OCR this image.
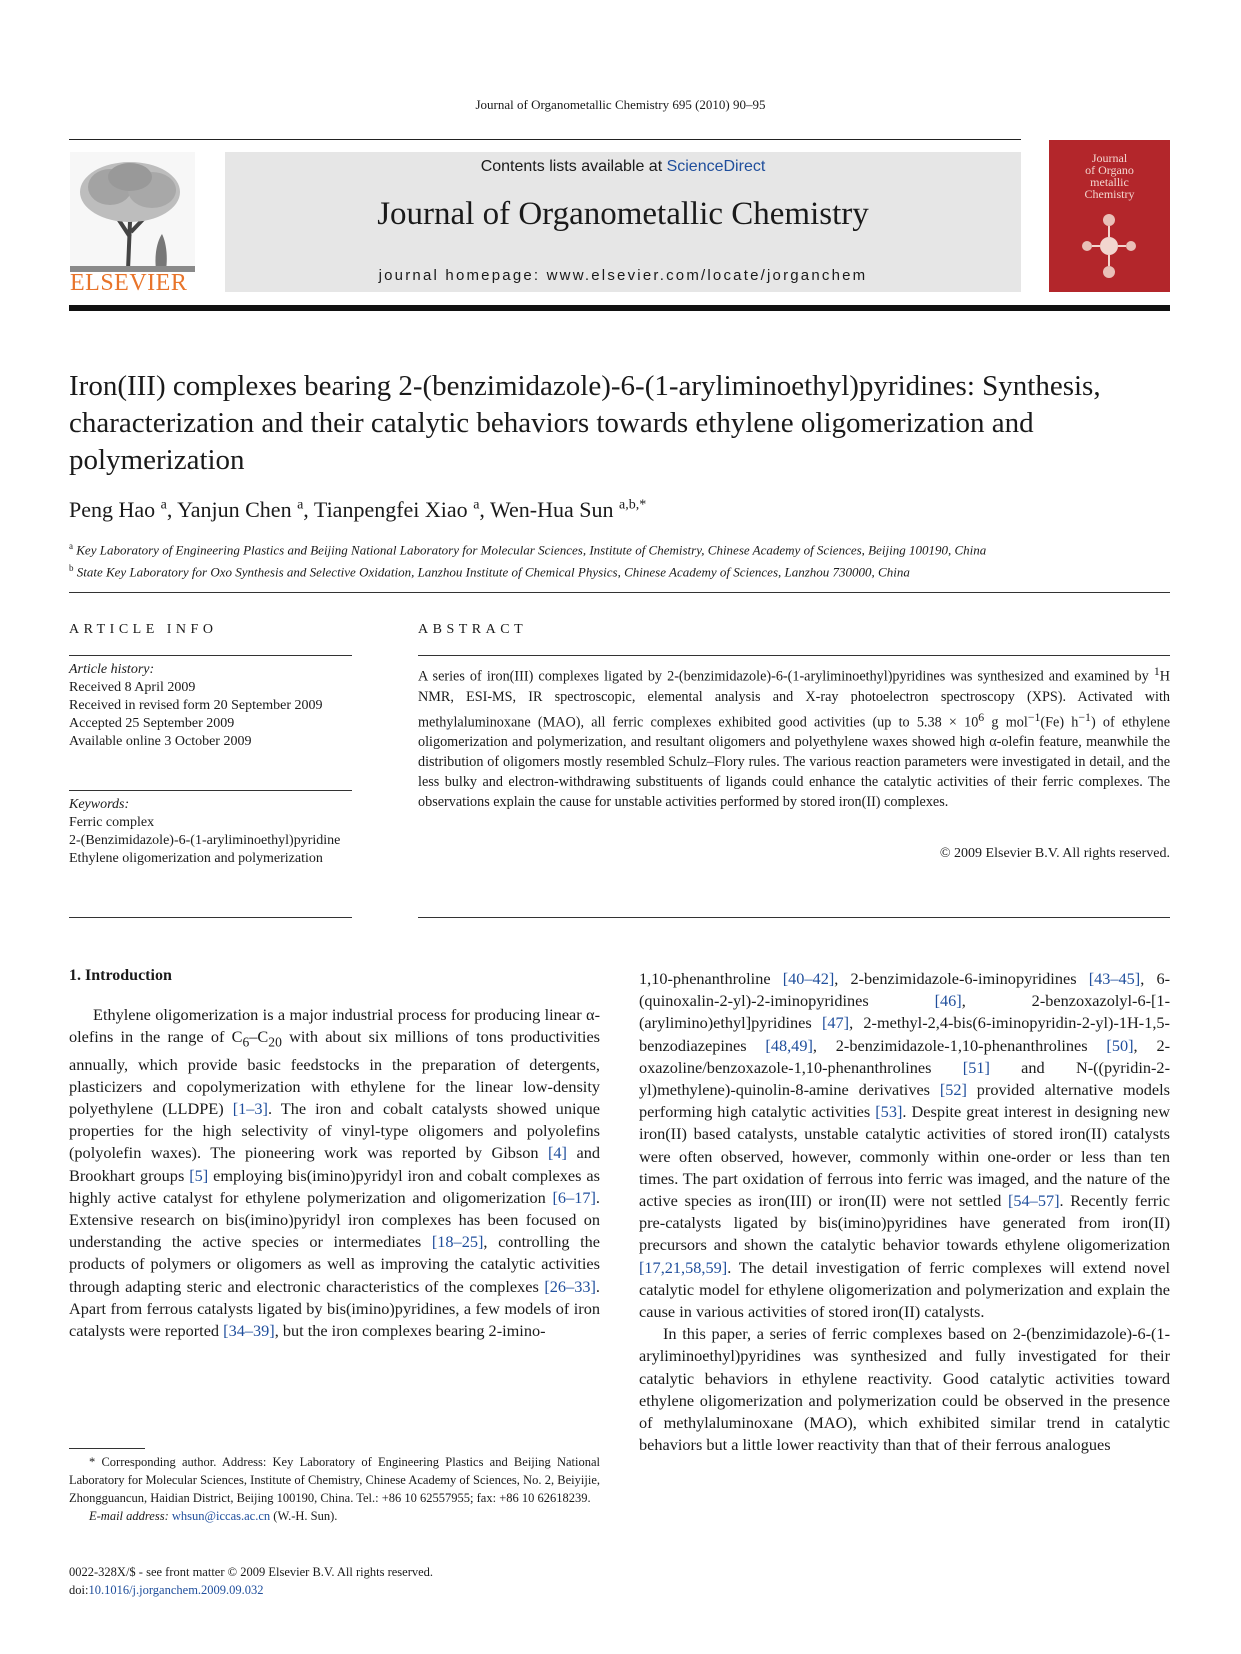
Journal of Organometallic Chemistry 695 (2010) 90–95
ELSEVIER
Contents lists available at ScienceDirect
Journal of Organometallic Chemistry
journal homepage: www.elsevier.com/locate/jorganchem
Journal
of Organo
metallic
Chemistry
Iron(III) complexes bearing 2-(benzimidazole)-6-(1-aryliminoethyl)pyridines: Synthesis, characterization and their catalytic behaviors towards ethylene oligomerization and polymerization
Peng Hao $^a$, Yanjun Chen $^a$, Tianpengfei Xiao $^a$, Wen-Hua Sun $^{a,b,*}$
$^a$ Key Laboratory of Engineering Plastics and Beijing National Laboratory for Molecular Sciences, Institute of Chemistry, Chinese Academy of Sciences, Beijing 100190, China
$^b$ State Key Laboratory for Oxo Synthesis and Selective Oxidation, Lanzhou Institute of Chemical Physics, Chinese Academy of Sciences, Lanzhou 730000, China
ARTICLE INFO	ABSTRACT
Article history:
Received 8 April 2009
Received in revised form 20 September 2009
Accepted 25 September 2009
Available online 3 October 2009
Keywords:
Ferric complex
2-(Benzimidazole)-6-(1-aryliminoethyl)pyridine
Ethylene oligomerization and polymerization
A series of iron(III) complexes ligated by 2-(benzimidazole)-6-(1-aryliminoethyl)pyridines was synthesized and examined by $^1$H NMR, ESI-MS, IR spectroscopic, elemental analysis and X-ray photoelectron spectroscopy (XPS). Activated with methylaluminoxane (MAO), all ferric complexes exhibited good activities (up to $5.38 \times 10^6$ g mol$^{-1}$(Fe) $h^{-1}$) of ethylene oligomerization and polymerization, and resultant oligomers and polyethylene waxes showed high α-olefin feature, meanwhile the distribution of oligomers mostly resembled Schulz–Flory rules. The various reaction parameters were investigated in detail, and the less bulky and electron-withdrawing substituents of ligands could enhance the catalytic activities of their ferric complexes. The observations explain the cause for unstable activities performed by stored iron(II) complexes.
© 2009 Elsevier B.V. All rights reserved.
1. Introduction

Ethylene oligomerization is a major industrial process for producing linear α-olefins in the range of $C_6-C_{20}$ with about six millions of tons productivities annually, which provide basic feedstocks in the preparation of detergents, plasticizers and copolymerization with ethylene for the linear low-density polyethylene (LLDPE) [1–3]. The iron and cobalt catalysts showed unique properties for the high selectivity of vinyl-type oligomers and polyolefins (polyolefin waxes). The pioneering work was reported by Gibson [4] and Brookhart groups [5] employing bis(imino)pyridyl iron and cobalt complexes as highly active catalyst for ethylene polymerization and oligomerization [6–17]. Extensive research on bis(imino)pyridyl iron complexes has been focused on understanding the active species or intermediates [18–25], controlling the products of polymers or oligomers as well as improving the catalytic activities through adapting steric and electronic characteristics of the complexes [26–33]. Apart from ferrous catalysts ligated by bis(imino)pyridines, a few models of iron catalysts were reported [34–39], but the iron complexes bearing 2-imino-

1,10-phenanthroline [40–42], 2-benzimidazole-6-iminopyridines [43–45], 6-(quinoxalin-2-yl)-2-iminopyridines [46], 2-benzoxazolyl-6-[1-(arylimino)ethyl]pyridines [47], 2-methyl-2,4-bis(6-iminopyridin-2-yl)-1H-1,5-benzodiazepines [48,49], 2-benzimidazole-1,10-phenanthrolines [50], 2-oxazoline/benzoxazole-1,10-phenanthrolines [51] and N-((pyridin-2-yl)methylene)-quinolin-8-amine derivatives [52] provided alternative models performing high catalytic activities [53]. Despite great interest in designing new iron(II) based catalysts, unstable catalytic activities of stored iron(II) catalysts were often observed, however, commonly within one-order or less than ten times. The part oxidation of ferrous into ferric was imaged, and the nature of the active species as iron(III) or iron(II) were not settled [54–57]. Recently ferric pre-catalysts ligated by bis(imino)pyridines have generated from iron(II) precursors and shown the catalytic behavior towards ethylene oligomerization [17,21,58,59]. The detail investigation of ferric complexes will extend novel catalytic model for ethylene oligomerization and polymerization and explain the cause in various activities of stored iron(II) catalysts.

In this paper, a series of ferric complexes based on 2-(benzimidazole)-6-(1-aryliminoethyl)pyridines was synthesized and fully investigated for their catalytic behaviors in ethylene reactivity. Good catalytic activities toward ethylene oligomerization and polymerization could be observed in the presence of methylaluminoxane (MAO), which exhibited similar trend in catalytic behaviors but a little lower reactivity than that of their ferrous analogues

* Corresponding author. Address: Key Laboratory of Engineering Plastics and Beijing National Laboratory for Molecular Sciences, Institute of Chemistry, Chinese Academy of Sciences, No. 2, Beiyijie, Zhongguancun, Haidian District, Beijing 100190, China. Tel.: +86 10 62557955; fax: +86 10 62618239.

E-mail address: whsun@iccas.ac.cn (W.-H. Sun).

0022-328X/$ - see front matter © 2009 Elsevier B.V. All rights reserved.
doi:10.1016/j.jorganchem.2009.09.032
